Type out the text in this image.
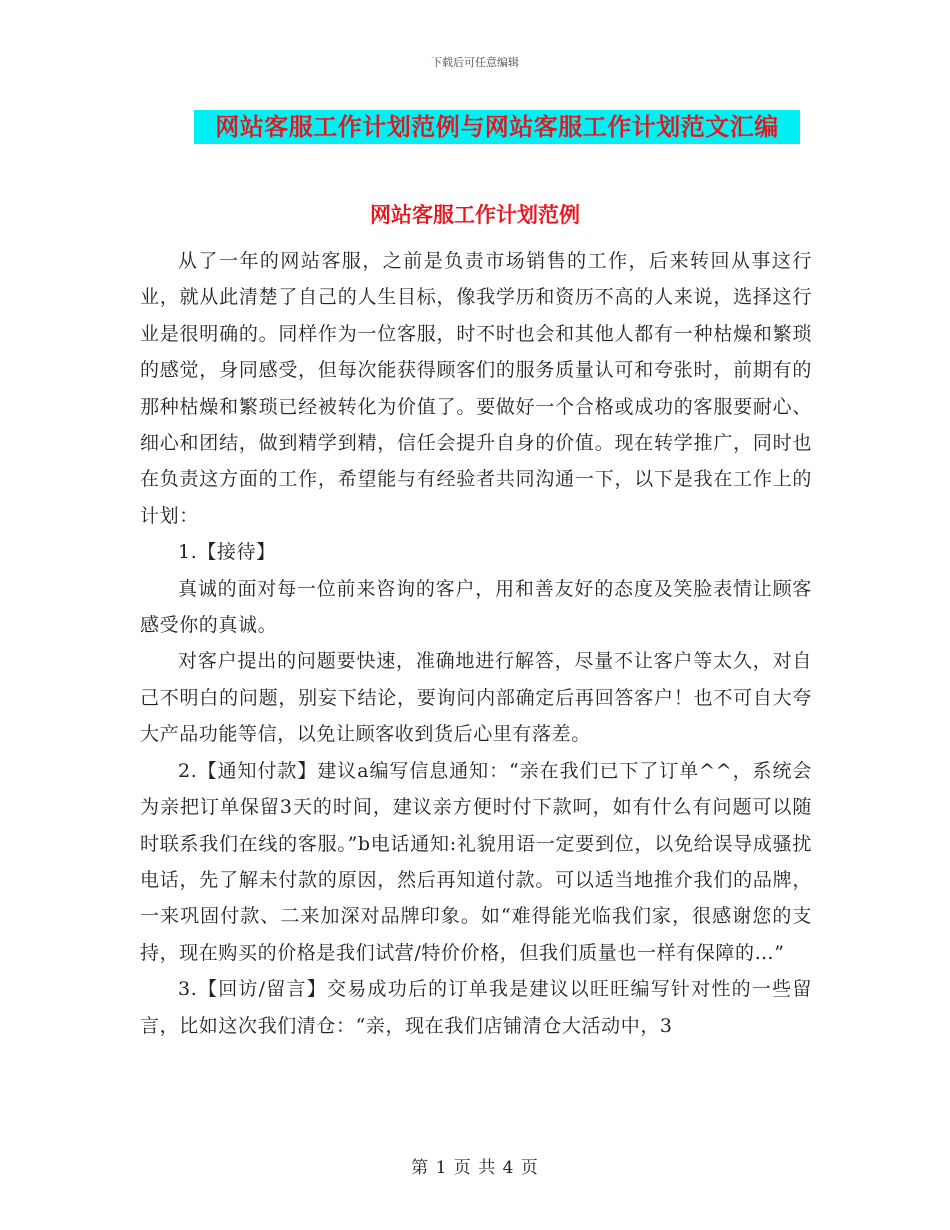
下载后可任意编辑
网站客服工作计划范例与网站客服工作计划范文汇编
网站客服工作计划范例

从了一年的网站客服，之前是负责市场销售的工作，后来转回从事这行业，就从此清楚了自己的人生目标，像我学历和资历不高的人来说，选择这行业是很明确的。同样作为一位客服，时不时也会和其他人都有一种枯燥和繁琐的感觉，身同感受，但每次能获得顾客们的服务质量认可和夸张时，前期有的那种枯燥和繁琐已经被转化为价值了。要做好一个合格或成功的客服要耐心、细心和团结，做到精学到精，信任会提升自身的价值。现在转学推广，同时也在负责这方面的工作，希望能与有经验者共同沟通一下，以下是我在工作上的计划：

1.【接待】

真诚的面对每一位前来咨询的客户，用和善友好的态度及笑脸表情让顾客感受你的真诚。

对客户提出的问题要快速，准确地进行解答，尽量不让客户等太久，对自己不明白的问题，别妄下结论，要询问内部确定后再回答客户！也不可自大夸大产品功能等信，以免让顾客收到货后心里有落差。

2.【通知付款】建议a编写信息通知：“亲在我们已下了订单^^，系统会为亲把订单保留3天的时间，建议亲方便时付下款呵，如有什么有问题可以随时联系我们在线的客服。”b电话通知:礼貌用语一定要到位，以免给误导成骚扰电话，先了解未付款的原因，然后再知道付款。可以适当地推介我们的品牌，一来巩固付款、二来加深对品牌印象。如“难得能光临我们家，很感谢您的支持，现在购买的价格是我们试营/特价价格，但我们质量也一样有保障的…”

3.【回访/留言】交易成功后的订单我是建议以旺旺编写针对性的一些留言，比如这次我们清仓：“亲，现在我们店铺清仓大活动中，3

第 1 页 共 4 页
